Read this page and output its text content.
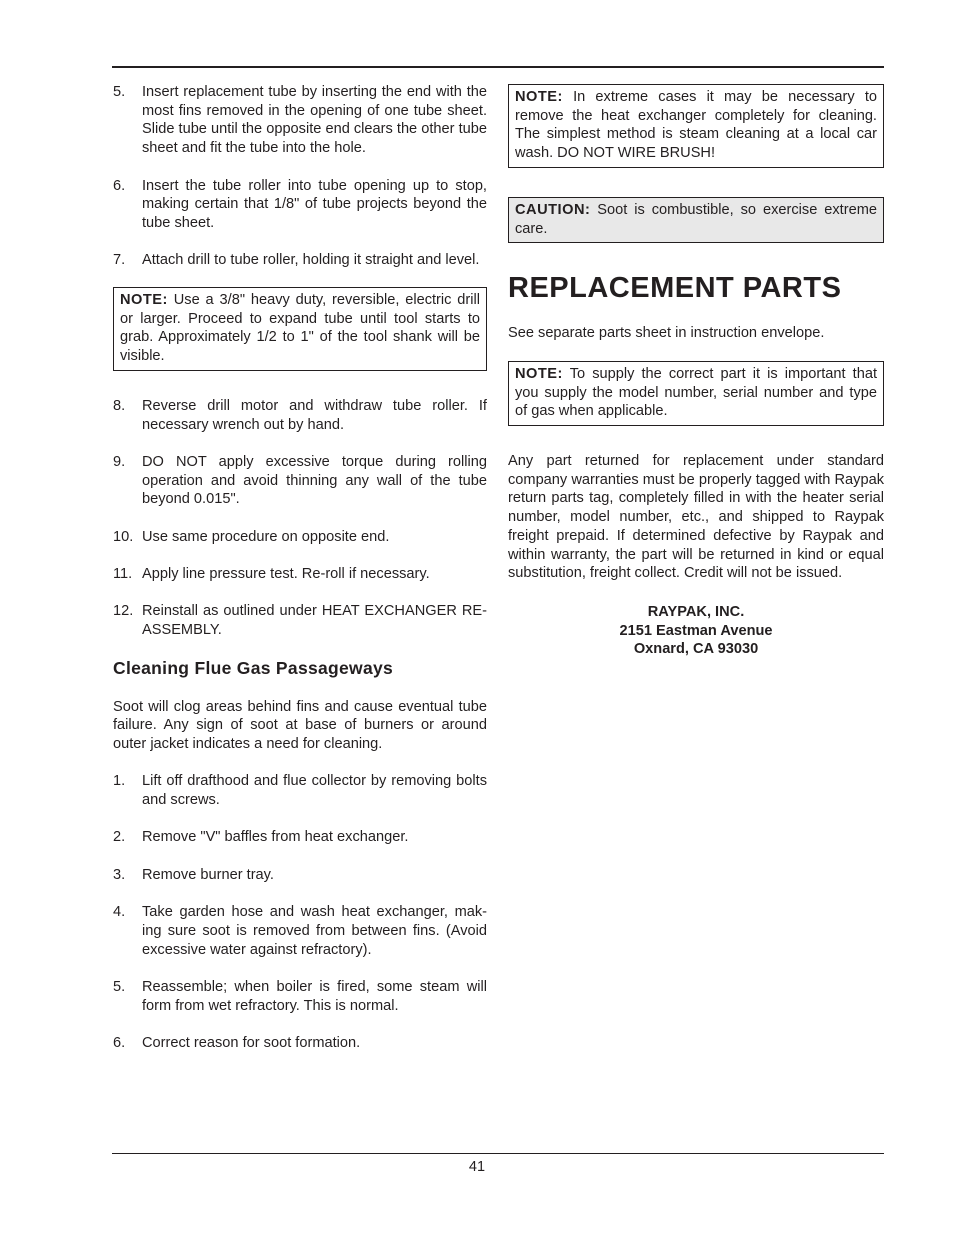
5. Insert replacement tube by inserting the end with the most fins removed in the opening of one tube sheet. Slide tube until the opposite end clears the other tube sheet and fit the tube into the hole.
6. Insert the tube roller into tube opening up to stop, making certain that 1/8" of tube projects beyond the tube sheet.
7. Attach drill to tube roller, holding it straight and level.
NOTE: Use a 3/8" heavy duty, reversible, electric drill or larger. Proceed to expand tube until tool starts to grab. Approximately 1/2 to 1" of the tool shank will be visible.
8. Reverse drill motor and withdraw tube roller. If necessary wrench out by hand.
9. DO NOT apply excessive torque during rolling operation and avoid thinning any wall of the tube beyond 0.015".
10. Use same procedure on opposite end.
11. Apply line pressure test. Re-roll if necessary.
12. Reinstall as outlined under HEAT EXCHANGER RE-ASSEMBLY.
Cleaning Flue Gas Passageways

Soot will clog areas behind fins and cause eventual tube failure. Any sign of soot at base of burners or around outer jacket indicates a need for cleaning.

1. Lift off drafthood and flue collector by removing bolts and screws.
2. Remove "V" baffles from heat exchanger.
3. Remove burner tray.
4. Take garden hose and wash heat exchanger, mak-ing sure soot is removed from between fins. (Avoid excessive water against refractory).
5. Reassemble; when boiler is fired, some steam will form from wet refractory. This is normal.
6. Correct reason for soot formation.
NOTE: In extreme cases it may be necessary to remove the heat exchanger completely for cleaning. The simplest method is steam cleaning at a local car wash. DO NOT WIRE BRUSH!
CAUTION: Soot is combustible, so exercise extreme care.
REPLACEMENT PARTS

See separate parts sheet in instruction envelope.

NOTE: To supply the correct part it is important that you supply the model number, serial number and type of gas when applicable.

Any part returned for replacement under standard company warranties must be properly tagged with Raypak return parts tag, completely filled in with the heater serial number, model number, etc., and shipped to Raypak freight prepaid. If determined defective by Raypak and within warranty, the part will be returned in kind or equal substitution, freight collect. Credit will not be issued.

RAYPAK, INC.
2151 Eastman Avenue
Oxnard, CA 93030
41
